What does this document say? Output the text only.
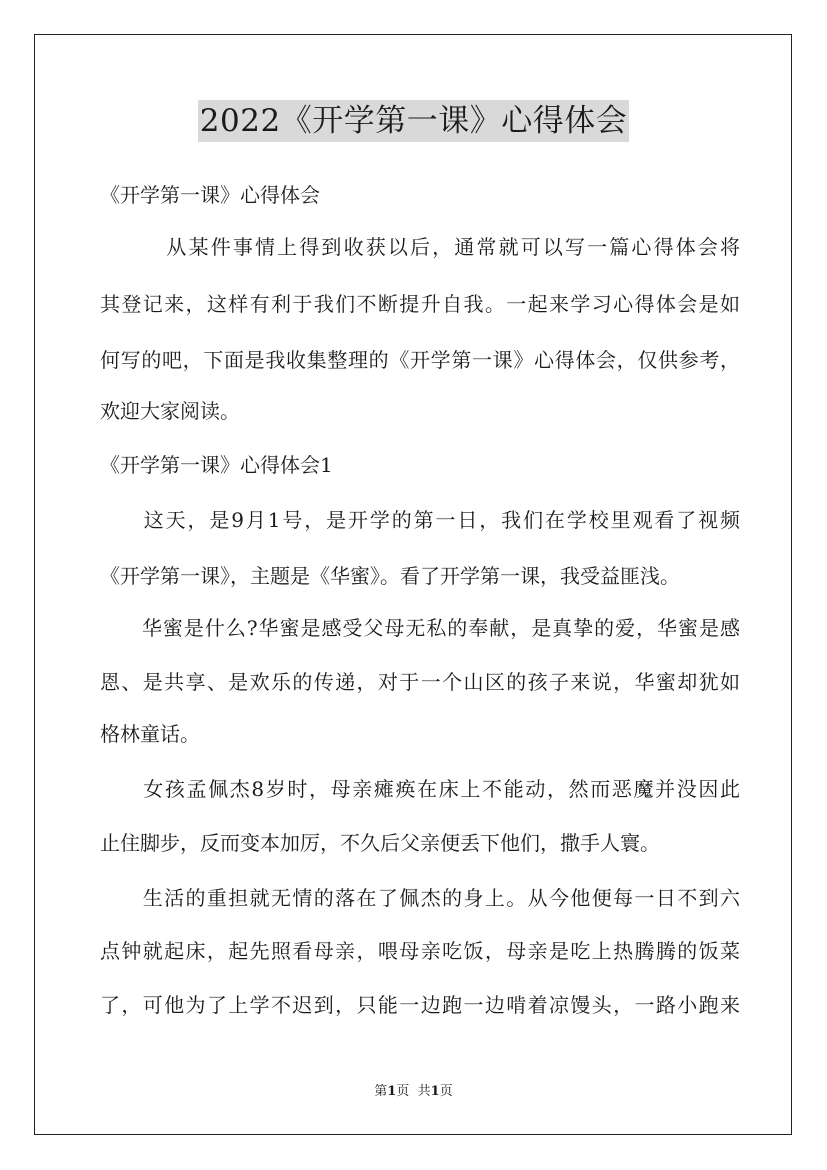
2022《开学第一课》心得体会

《开学第一课》心得体会

　　　从某件事情上得到收获以后，通常就可以写一篇心得体会将

其登记来，这样有利于我们不断提升自我。一起来学习心得体会是如

何写的吧，下面是我收集整理的《开学第一课》心得体会，仅供参考，

欢迎大家阅读。

《开学第一课》心得体会1

　　这天，是9月1号，是开学的第一日，我们在学校里观看了视频

《开学第一课》，主题是《华蜜》。看了开学第一课，我受益匪浅。

　　华蜜是什么?华蜜是感受父母无私的奉献，是真挚的爱，华蜜是感

恩、是共享、是欢乐的传递，对于一个山区的孩子来说，华蜜却犹如

格林童话。

　　女孩孟佩杰8岁时，母亲瘫痪在床上不能动，然而恶魔并没因此

止住脚步，反而变本加厉，不久后父亲便丢下他们，撒手人寰。

　　生活的重担就无情的落在了佩杰的身上。从今他便每一日不到六

点钟就起床，起先照看母亲，喂母亲吃饭，母亲是吃上热腾腾的饭菜

了，可他为了上学不迟到，只能一边跑一边啃着凉馒头，一路小跑来

第1页 共1页
